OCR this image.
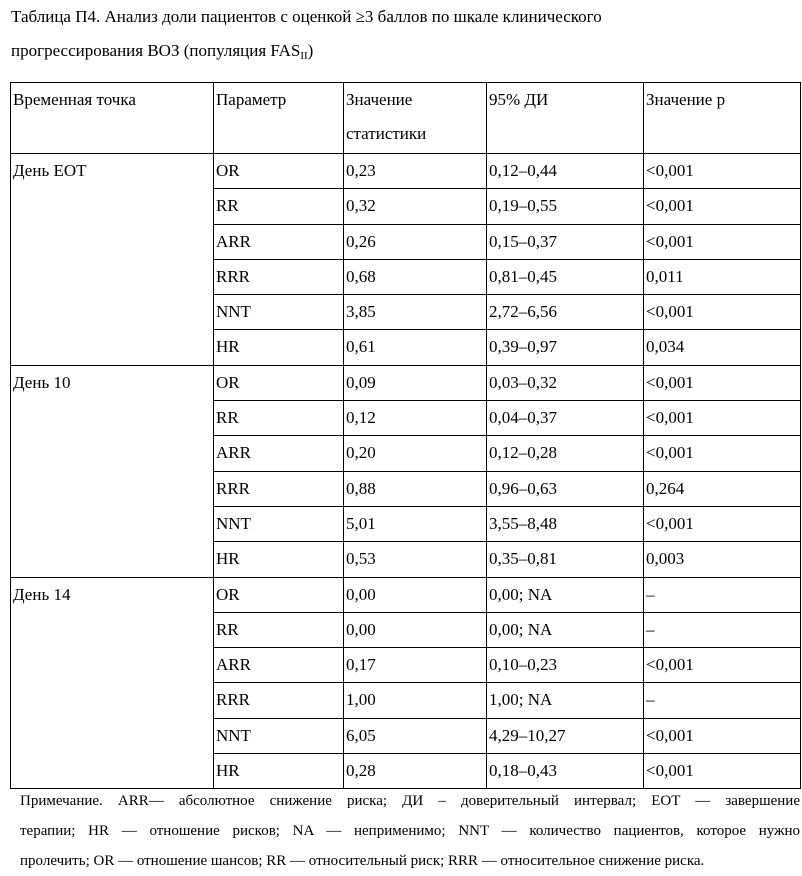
Таблица П4. Анализ доли пациентов с оценкой ≥3 баллов по шкале клинического
прогрессирования ВОЗ (популяция $FAS_{II}$)
Временная точка	Параметр	Значение статистики	95% ДИ	Значение p
День EOT	OR	0,23	0,12–0,44	<0,001
	RR	0,32	0,19–0,55	<0,001
	ARR	0,26	0,15–0,37	<0,001
	RRR	0,68	0,81–0,45	0,011
	NNT	3,85	2,72–6,56	<0,001
	HR	0,61	0,39–0,97	0,034
День 10	OR	0,09	0,03–0,32	<0,001
	RR	0,12	0,04–0,37	<0,001
	ARR	0,20	0,12–0,28	<0,001
	RRR	0,88	0,96–0,63	0,264
	NNT	5,01	3,55–8,48	<0,001
	HR	0,53	0,35–0,81	0,003
День 14	OR	0,00	0,00; NA	–
	RR	0,00	0,00; NA	–
	ARR	0,17	0,10–0,23	<0,001
	RRR	1,00	1,00; NA	–
	NNT	6,05	4,29–10,27	<0,001
	HR	0,28	0,18–0,43	<0,001
Примечание. ARR— абсолютное снижение риска; ДИ – доверительный интервал; EOT — завершение
терапии; HR — отношение рисков; NA — неприменимо; NNT — количество пациентов, которое нужно
пролечить; OR — отношение шансов; RR — относительный риск; RRR — относительное снижение риска.
